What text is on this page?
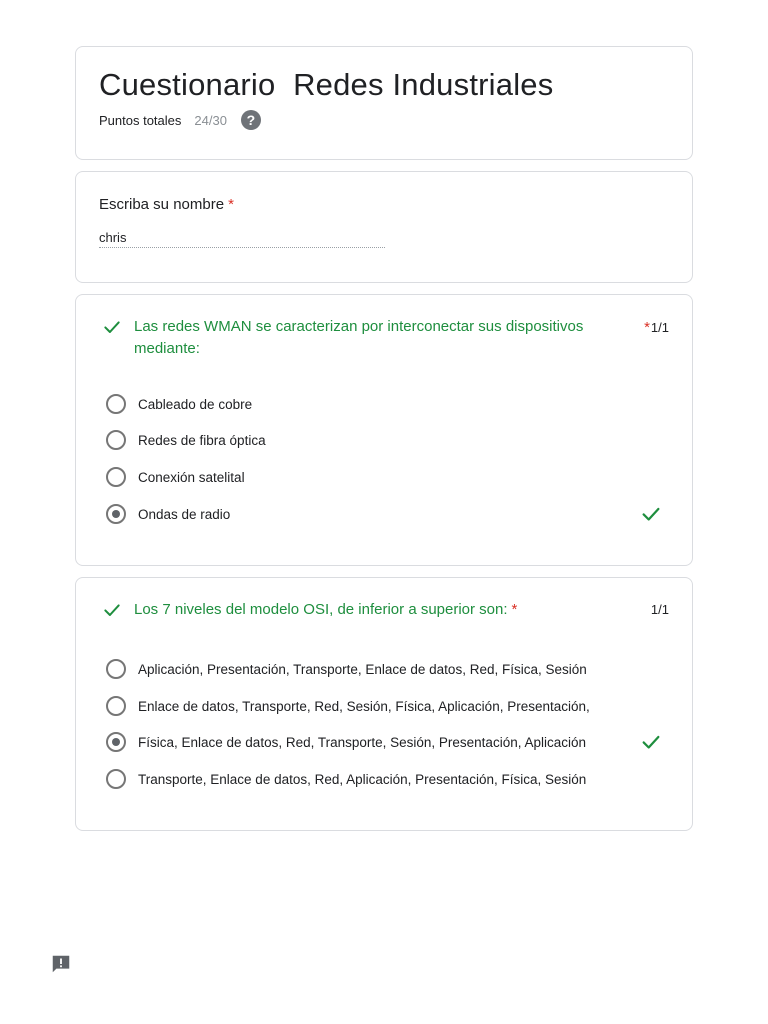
Cuestionario  Redes Industriales
Puntos totales 24/30	?
Escriba su nombre *
chris
Las redes WMAN se caracterizan por interconectar sus dispositivos mediante:
*1/1
Cableado de cobre
Redes de fibra óptica
Conexión satelital
Ondas de radio
Los 7 niveles del modelo OSI, de inferior a superior son: *	1/1
Aplicación, Presentación, Transporte, Enlace de datos, Red, Física, Sesión
Enlace de datos, Transporte, Red, Sesión, Física, Aplicación, Presentación,
Física, Enlace de datos, Red, Transporte, Sesión, Presentación, Aplicación
Transporte, Enlace de datos, Red, Aplicación, Presentación, Física, Sesión
